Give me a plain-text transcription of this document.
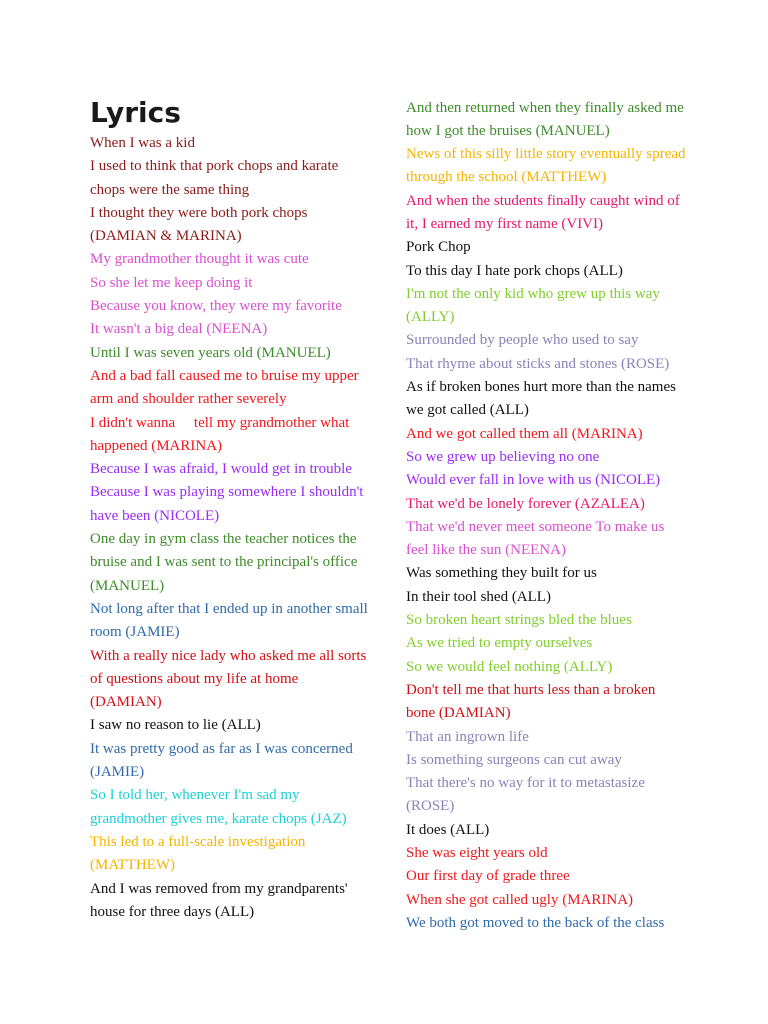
Lyrics
When I was a kid
I used to think that pork chops and karate chops were the same thing
I thought they were both pork chops (DAMIAN & MARINA)
My grandmother thought it was cute
So she let me keep doing it
Because you know, they were my favorite
It wasn't a big deal (NEENA)
Until I was seven years old (MANUEL)
And a bad fall caused me to bruise my upper arm and shoulder rather severely
I didn't wanna     tell my grandmother what happened (MARINA)
Because I was afraid, I would get in trouble
Because I was playing somewhere I shouldn't have been (NICOLE)
One day in gym class the teacher notices the bruise and I was sent to the principal's office (MANUEL)
Not long after that I ended up in another small room (JAMIE)
With a really nice lady who asked me all sorts of questions about my life at home (DAMIAN)
I saw no reason to lie (ALL)
It was pretty good as far as I was concerned (JAMIE)
So I told her, whenever I'm sad my grandmother gives me, karate chops (JAZ)
This led to a full-scale investigation (MATTHEW)
And I was removed from my grandparents' house for three days (ALL)
And then returned when they finally asked me how I got the bruises (MANUEL)
News of this silly little story eventually spread through the school (MATTHEW)
And when the students finally caught wind of it, I earned my first name (VIVI)
Pork Chop
To this day I hate pork chops (ALL)
I'm not the only kid who grew up this way (ALLY)
Surrounded by people who used to say
That rhyme about sticks and stones (ROSE)
As if broken bones hurt more than the names we got called (ALL)
And we got called them all (MARINA)
So we grew up believing no one
Would ever fall in love with us (NICOLE)
That we'd be lonely forever (AZALEA)
That we'd never meet someone To make us feel like the sun (NEENA)
Was something they built for us
In their tool shed (ALL)
So broken heart strings bled the blues
As we tried to empty ourselves
So we would feel nothing (ALLY)
Don't tell me that hurts less than a broken bone (DAMIAN)
That an ingrown life
Is something surgeons can cut away
That there's no way for it to metastasize (ROSE)
It does (ALL)
She was eight years old
Our first day of grade three
When she got called ugly (MARINA)
We both got moved to the back of the class
